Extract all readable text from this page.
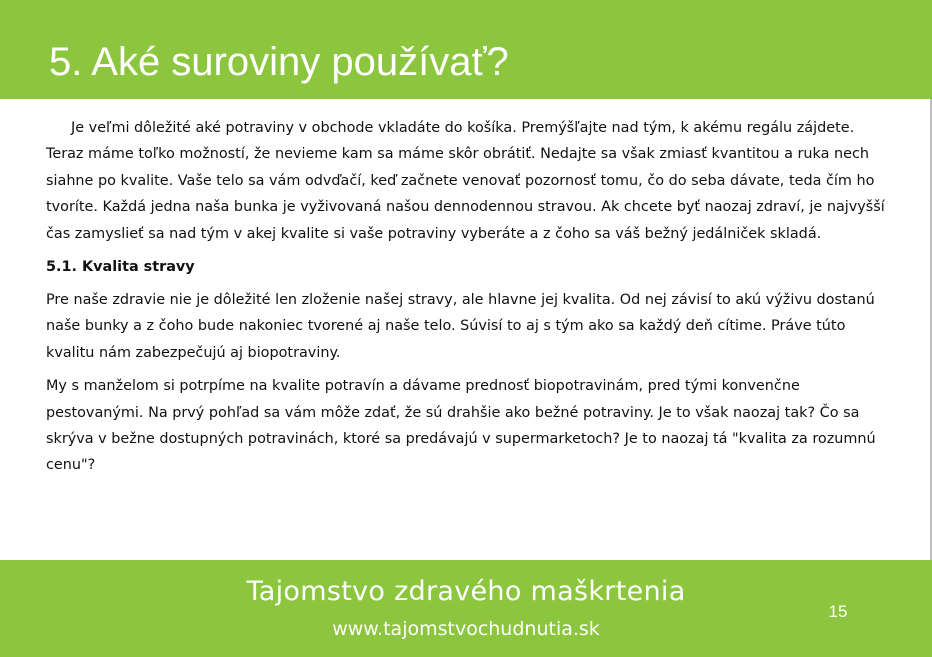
5. Aké suroviny používať?

Je veľmi dôležité aké potraviny v obchode vkladáte do košíka. Premýšľajte nad tým, k akému regálu zájdete. Teraz máme toľko možností, že nevieme kam sa máme skôr obrátiť. Nedajte sa však zmiasť kvantitou a ruka nech siahne po kvalite. Vaše telo sa vám odvďačí, keď začnete venovať pozornosť tomu, čo do seba dávate, teda čím ho tvoríte. Každá jedna naša bunka je vyživovaná našou dennodennou stravou. Ak chcete byť naozaj zdraví, je najvyšší čas zamyslieť sa nad tým v akej kvalite si vaše potraviny vyberáte a z čoho sa váš bežný jedálniček skladá.

5.1. Kvalita stravy

Pre naše zdravie nie je dôležité len zloženie našej stravy, ale hlavne jej kvalita. Od nej závisí to akú výživu dostanú naše bunky a z čoho bude nakoniec tvorené aj naše telo. Súvisí to aj s tým ako sa každý deň cítime. Práve túto kvalitu nám zabezpečujú aj biopotraviny.

My s manželom si potrpíme na kvalite potravín a dávame prednosť biopotravinám, pred tými konvenčne pestovanými. Na prvý pohľad sa vám môže zdať, že sú drahšie ako bežné potraviny. Je to však naozaj tak? Čo sa skrýva v bežne dostupných potravinách, ktoré sa predávajú v supermarketoch? Je to naozaj tá "kvalita za rozumnú cenu"?

Tajomstvo zdravého maškrtenia
www.tajomstvochudnutia.sk
15
